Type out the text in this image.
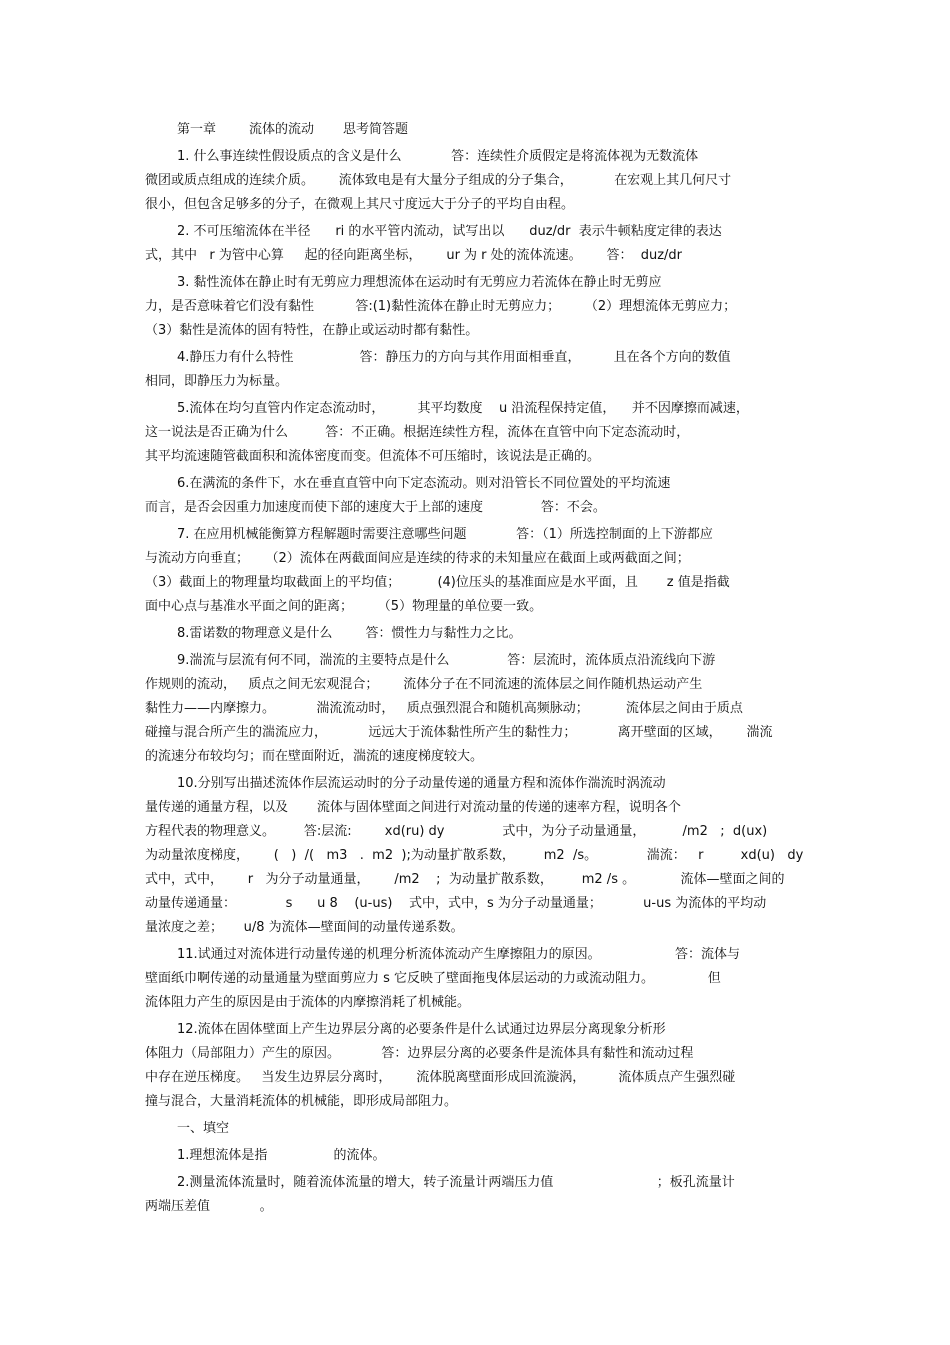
第一章        流体的流动       思考简答题
1. 什么事连续性假设质点的含义是什么            答：连续性介质假定是将流体视为无数流体
微团或质点组成的连续介质。      流体致电是有大量分子组成的分子集合，          在宏观上其几何尺寸
很小，但包含足够多的分子，在微观上其尺寸度远大于分子的平均自由程。
2. 不可压缩流体在半径      ri 的水平管内流动，试写出以      duz/dr  表示牛顿粘度定律的表达
式，其中   r 为管中心算     起的径向距离坐标，      ur 为 r 处的流体流速。      答：  duz/dr
3. 黏性流体在静止时有无剪应力理想流体在运动时有无剪应力若流体在静止时无剪应
力，是否意味着它们没有黏性          答:(1)黏性流体在静止时无剪应力；      （2）理想流体无剪应力；
（3）黏性是流体的固有特性，在静止或运动时都有黏性。
4.静压力有什么特性                答：静压力的方向与其作用面相垂直，        且在各个方向的数值
相同，即静压力为标量。
5.流体在均匀直管内作定态流动时，        其平均数度    u 沿流程保持定值，    并不因摩擦而减速，
这一说法是否正确为什么         答：不正确。根据连续性方程，流体在直管中向下定态流动时，
其平均流速随管截面积和流体密度而变。但流体不可压缩时，该说法是正确的。
6.在满流的条件下，水在垂直直管中向下定态流动。则对沿管长不同位置处的平均流速
而言，是否会因重力加速度而使下部的速度大于上部的速度              答：不会。
7. 在应用机械能衡算方程解题时需要注意哪些问题            答：（1）所选控制面的上下游都应
与流动方向垂直；    （2）流体在两截面间应是连续的待求的未知量应在截面上或两截面之间；
（3）截面上的物理量均取截面上的平均值；         (4)位压头的基准面应是水平面，且       z 值是指截
面中心点与基准水平面之间的距离；      （5）物理量的单位要一致。
8.雷诺数的物理意义是什么        答：惯性力与黏性力之比。
9.湍流与层流有何不同，湍流的主要特点是什么              答：层流时，流体质点沿流线向下游
作规则的流动，   质点之间无宏观混合；      流体分子在不同流速的流体层之间作随机热运动产生
黏性力——内摩擦力。          湍流流动时，   质点强烈混合和随机高频脉动；         流体层之间由于质点
碰撞与混合所产生的湍流应力，          远远大于流体黏性所产生的黏性力；          离开壁面的区域，      湍流
的流速分布较均匀；而在壁面附近，湍流的速度梯度较大。
10.分别写出描述流体作层流运动时的分子动量传递的通量方程和流体作湍流时涡流动
量传递的通量方程，以及       流体与固体壁面之间进行对流动量的传递的速率方程，说明各个
方程代表的物理意义。       答:层流:        xd(ru) dy              式中，为分子动量通量，         /m2   ;  d(ux)
为动量浓度梯度，      (   )  /(   m3   .  m2  );为动量扩散系数，       m2  /s。            湍流：   r         xd(u)   dy
式中，式中，      r   为分子动量通量，      /m2    ;  为动量扩散系数，       m2 /s 。           流体—壁面之间的
动量传递通量：            s      u 8    (u-us)    式中，式中，s 为分子动量通量；          u-us 为流体的平均动
量浓度之差；     u/8 为流体—壁面间的动量传递系数。
11.试通过对流体进行动量传递的机理分析流体流动产生摩擦阻力的原因。                  答：流体与
壁面纸巾啊传递的动量通量为壁面剪应力 s 它反映了壁面拖曳体层运动的力或流动阻力。             但
流体阻力产生的原因是由于流体的内摩擦消耗了机械能。
12.流体在固体壁面上产生边界层分离的必要条件是什么试通过边界层分离现象分析形
体阻力（局部阻力）产生的原因。          答：边界层分离的必要条件是流体具有黏性和流动过程
中存在逆压梯度。   当发生边界层分离时，      流体脱离壁面形成回流漩涡，        流体质点产生强烈碰
撞与混合，大量消耗流体的机械能，即形成局部阻力。
一、填空
1.理想流体是指                的流体。
2.测量流体流量时，随着流体流量的增大，转子流量计两端压力值                         ；板孔流量计
两端压差值            。
